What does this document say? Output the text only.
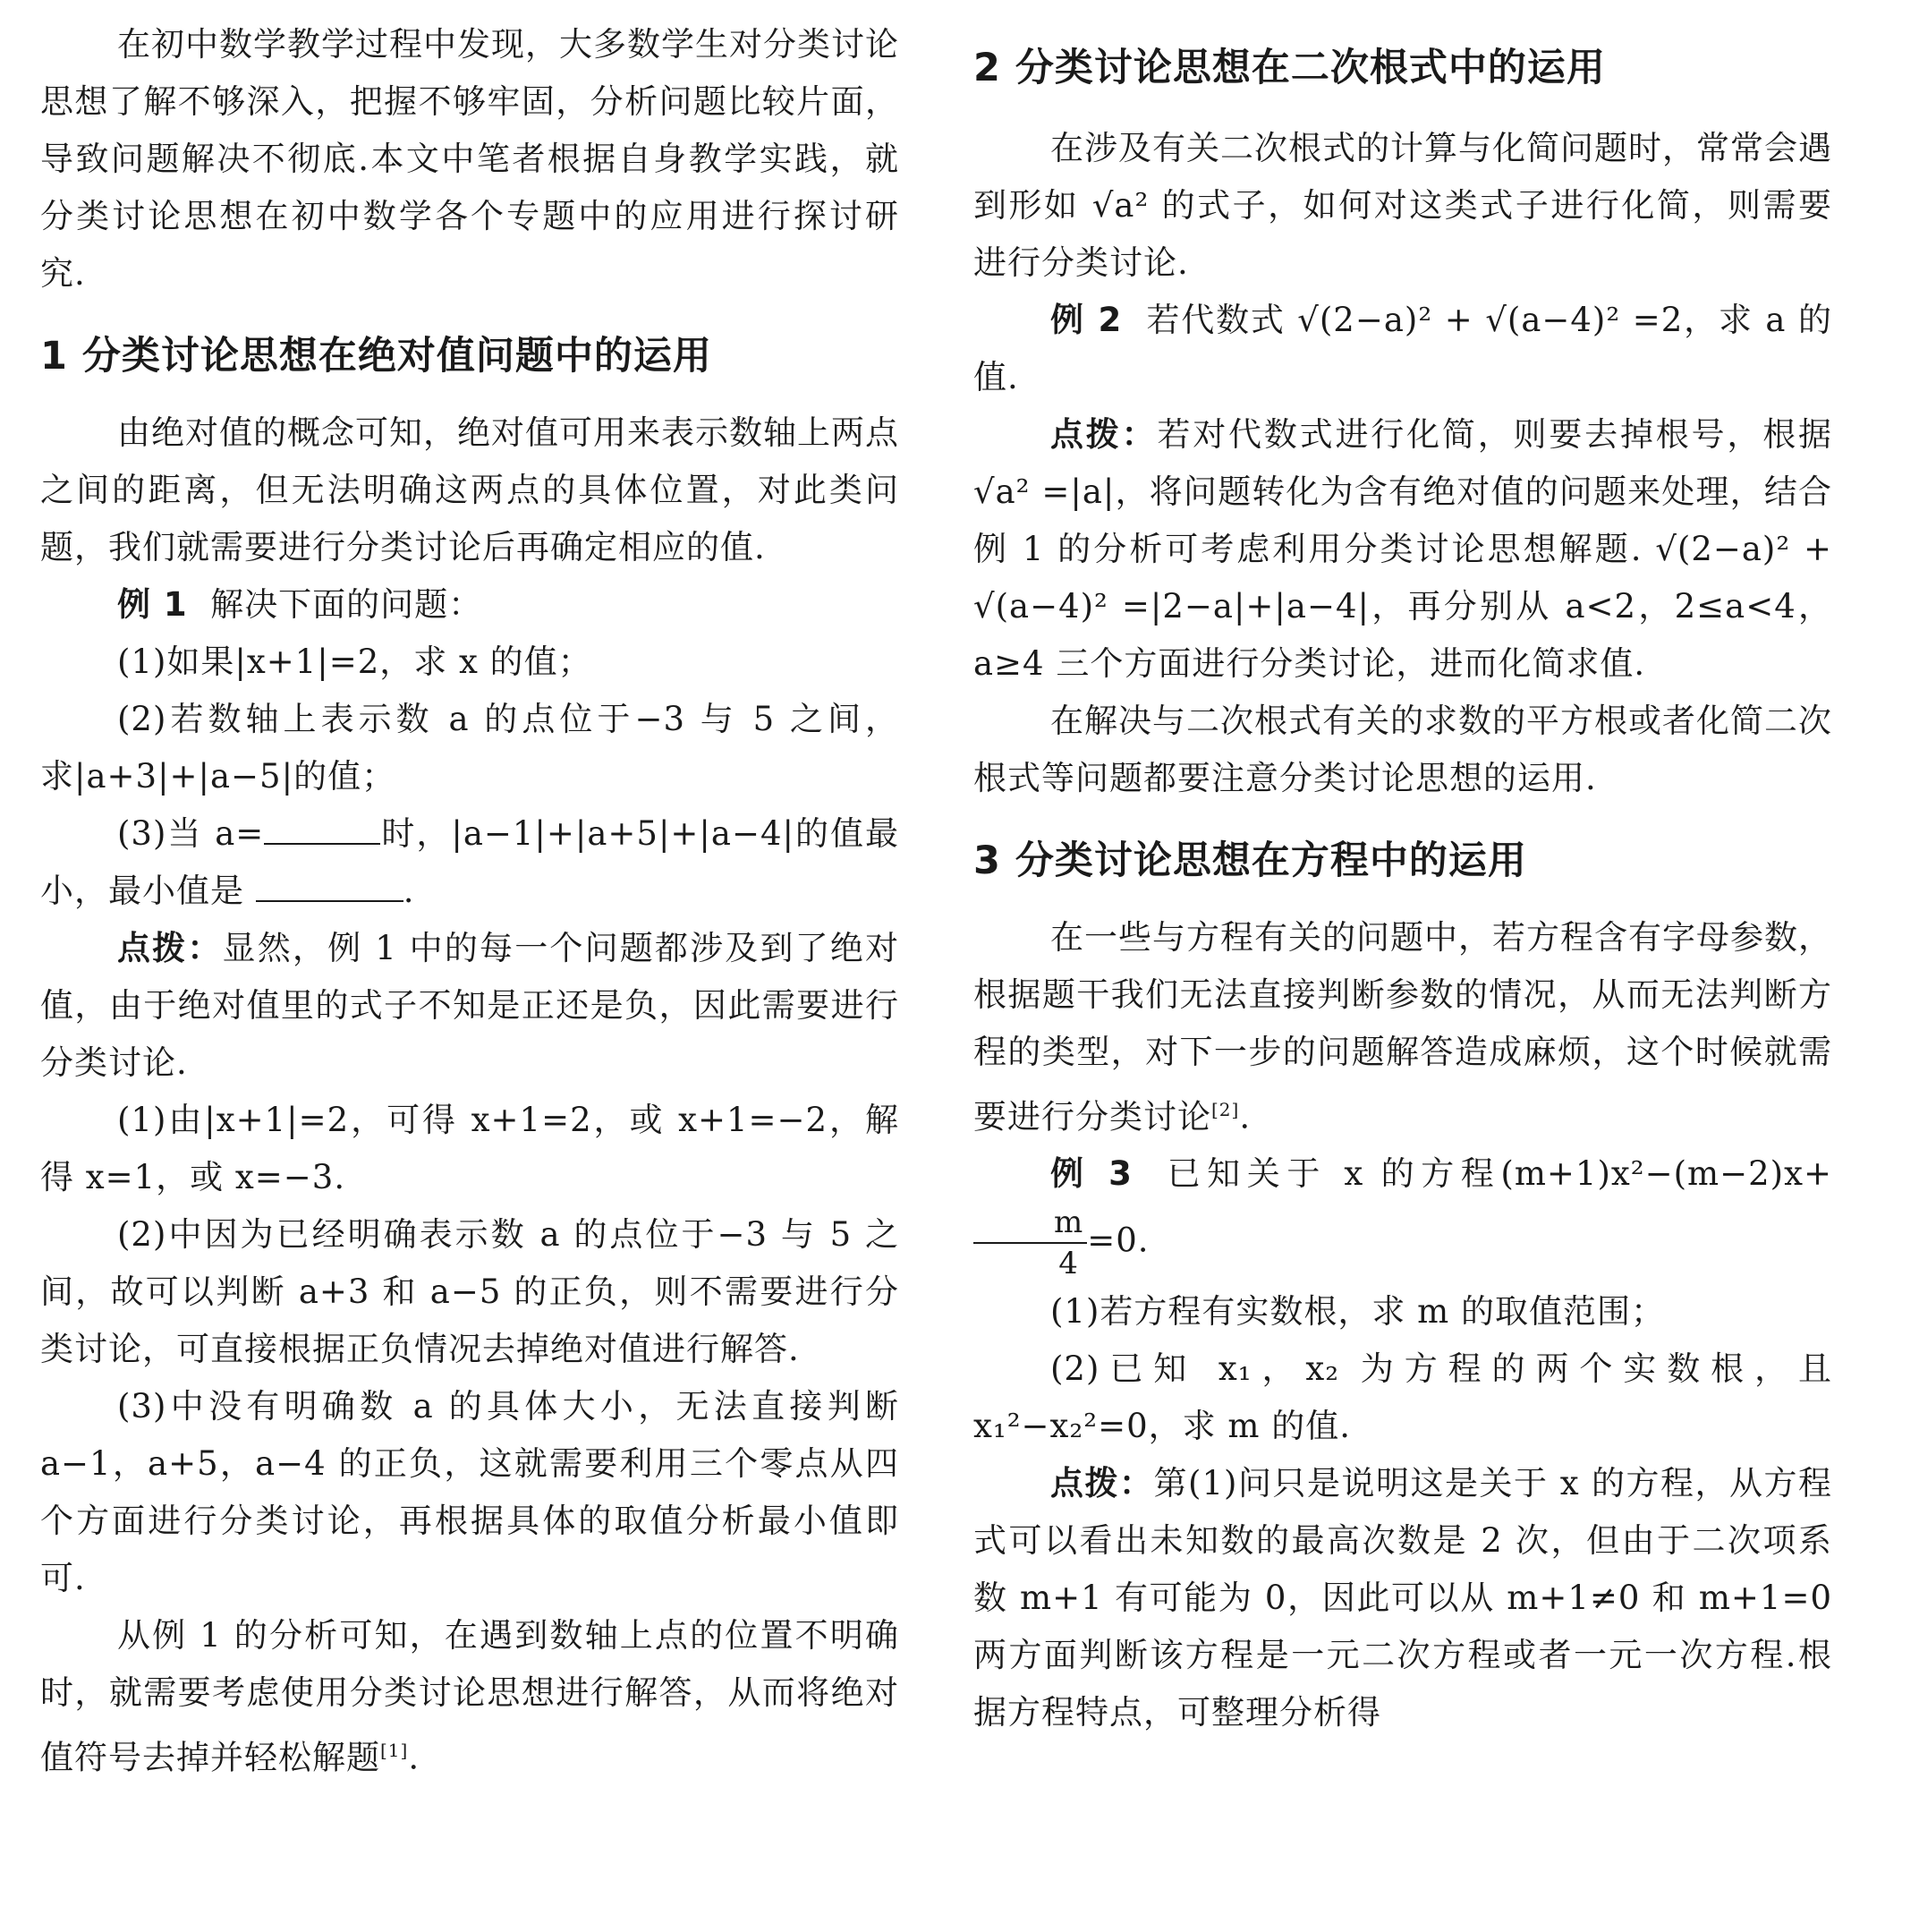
在初中数学教学过程中发现，大多数学生对分类讨论思想了解不够深入，把握不够牢固，分析问题比较片面，导致问题解决不彻底.本文中笔者根据自身教学实践，就分类讨论思想在初中数学各个专题中的应用进行探讨研究.

1 分类讨论思想在绝对值问题中的运用

由绝对值的概念可知，绝对值可用来表示数轴上两点之间的距离，但无法明确这两点的具体位置，对此类问题，我们就需要进行分类讨论后再确定相应的值.

例 1 解决下面的问题：

(1)如果|x+1|=2，求 x 的值；

(2)若数轴上表示数 a 的点位于−3 与 5 之间，求|a+3|+|a−5|的值；

(3)当 a=	时，|a−1|+|a+5|+|a−4|的值最小，最小值是	.

点拨：显然，例 1 中的每一个问题都涉及到了绝对值，由于绝对值里的式子不知是正还是负，因此需要进行分类讨论.

(1)由|x+1|=2，可得 x+1=2，或 x+1=−2，解得 x=1，或 x=−3.

(2)中因为已经明确表示数 a 的点位于−3 与 5 之间，故可以判断 a+3 和 a−5 的正负，则不需要进行分类讨论，可直接根据正负情况去掉绝对值进行解答.

(3)中没有明确数 a 的具体大小，无法直接判断 a−1，a+5，a−4 的正负，这就需要利用三个零点从四个方面进行分类讨论，再根据具体的取值分析最小值即可.

从例 1 的分析可知，在遇到数轴上点的位置不明确时，就需要考虑使用分类讨论思想进行解答，从而将绝对值符号去掉并轻松解题[1].

2 分类讨论思想在二次根式中的运用

在涉及有关二次根式的计算与化简问题时，常常会遇到形如 √a² 的式子，如何对这类式子进行化简，则需要进行分类讨论.

例 2 若代数式 √(2−a)² + √(a−4)² =2，求 a 的值.

点拨：若对代数式进行化简，则要去掉根号，根据 √a² =|a|，将问题转化为含有绝对值的问题来处理，结合例 1 的分析可考虑利用分类讨论思想解题. √(2−a)² + √(a−4)² =|2−a|+|a−4|，再分别从 a<2，2≤a<4，a≥4 三个方面进行分类讨论，进而化简求值.

在解决与二次根式有关的求数的平方根或者化简二次根式等问题都要注意分类讨论思想的运用.

3 分类讨论思想在方程中的运用

在一些与方程有关的问题中，若方程含有字母参数，根据题干我们无法直接判断参数的情况，从而无法判断方程的类型，对下一步的问题解答造成麻烦，这个时候就需要进行分类讨论[2].

例 3 已知关于 x 的方程(m+1)x²−(m−2)x+
$\frac{m}{4} =0$.

(1)若方程有实数根，求 m 的取值范围；

(2)已知 x₁，x₂ 为方程的两个实数根，且 x₁²−x₂²=0，求 m 的值.

点拨：第(1)问只是说明这是关于 x 的方程，从方程式可以看出未知数的最高次数是 2 次，但由于二次项系数 m+1 有可能为 0，因此可以从 m+1≠0 和 m+1=0 两方面判断该方程是一元二次方程或者一元一次方程.根据方程特点，可整理分析得
